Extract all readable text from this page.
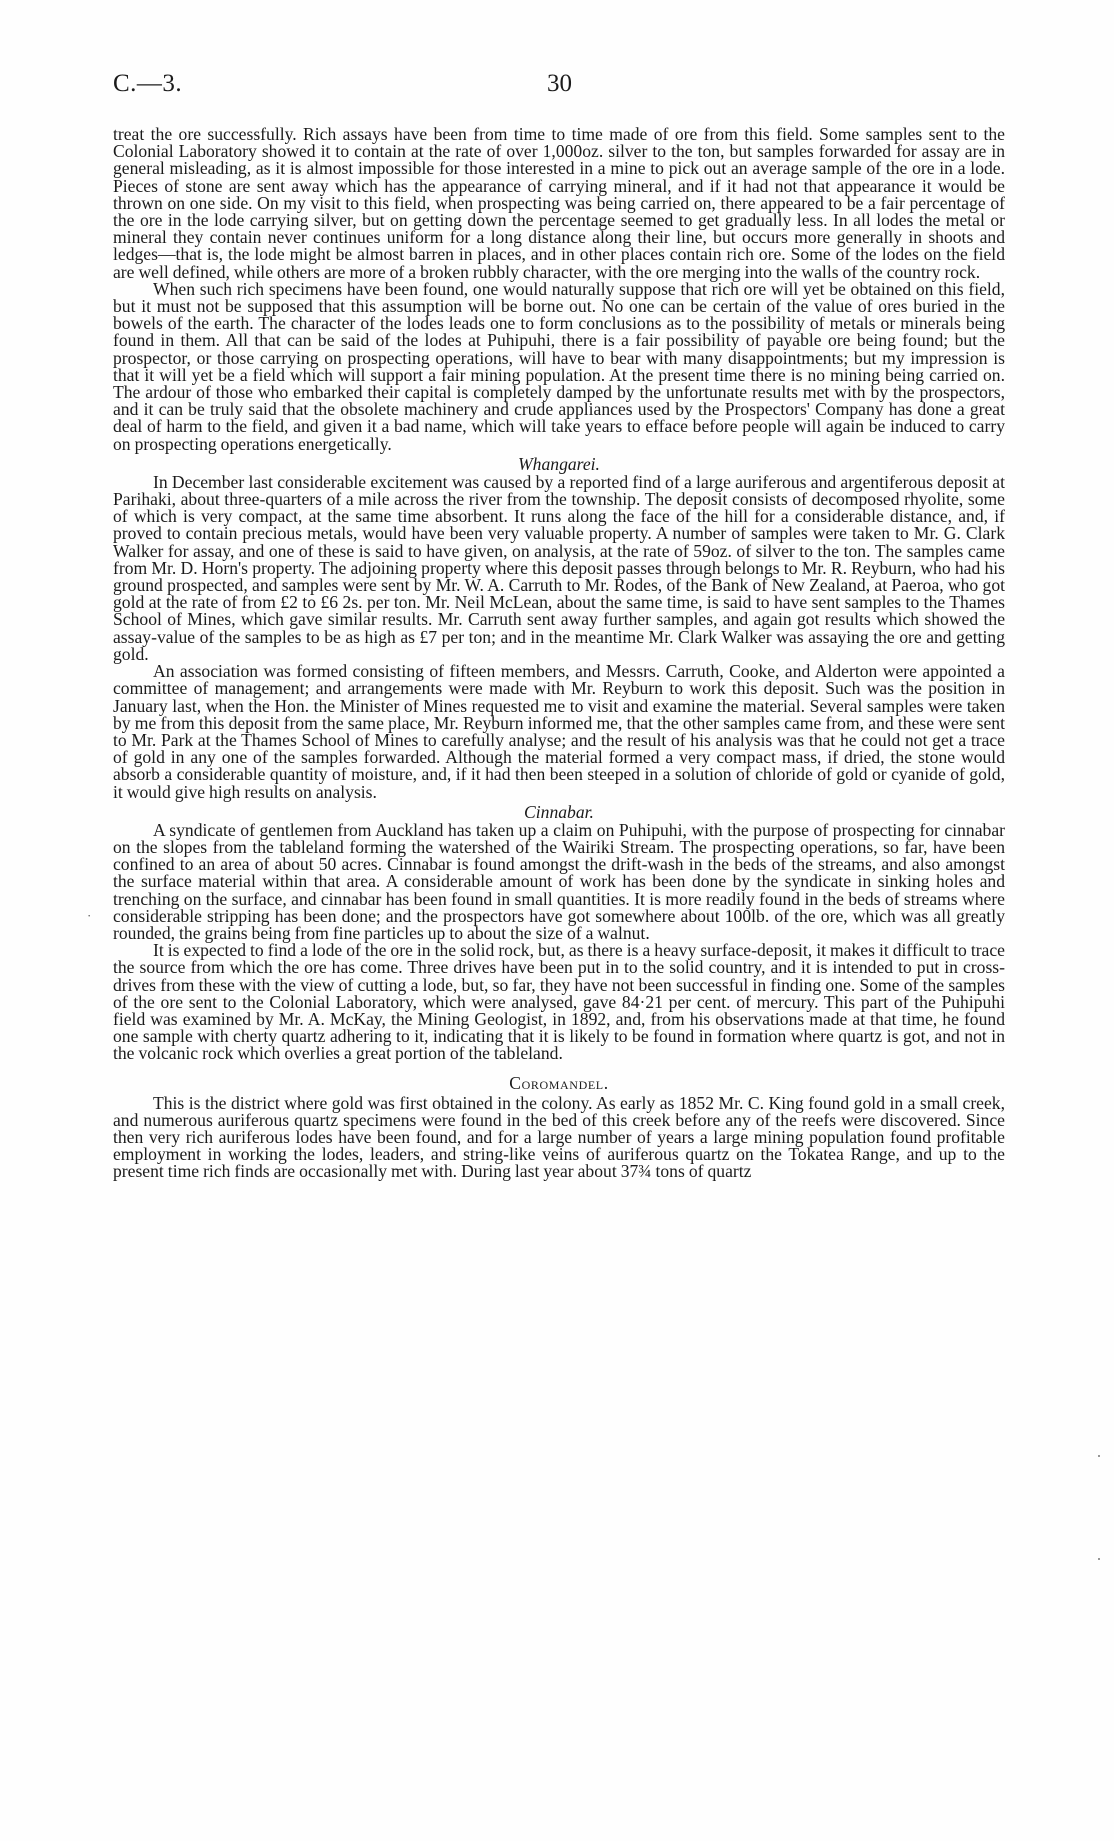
C.—3.	30

treat the ore successfully. Rich assays have been from time to time made of ore from this field. Some samples sent to the Colonial Laboratory showed it to contain at the rate of over 1,000oz. silver to the ton, but samples forwarded for assay are in general misleading, as it is almost impossible for those interested in a mine to pick out an average sample of the ore in a lode. Pieces of stone are sent away which has the appearance of carrying mineral, and if it had not that appearance it would be thrown on one side. On my visit to this field, when prospecting was being carried on, there appeared to be a fair percentage of the ore in the lode carrying silver, but on getting down the percentage seemed to get gradually less. In all lodes the metal or mineral they contain never continues uniform for a long distance along their line, but occurs more generally in shoots and ledges—that is, the lode might be almost barren in places, and in other places contain rich ore. Some of the lodes on the field are well defined, while others are more of a broken rubbly character, with the ore merging into the walls of the country rock.

When such rich specimens have been found, one would naturally suppose that rich ore will yet be obtained on this field, but it must not be supposed that this assumption will be borne out. No one can be certain of the value of ores buried in the bowels of the earth. The character of the lodes leads one to form conclusions as to the possibility of metals or minerals being found in them. All that can be said of the lodes at Puhipuhi, there is a fair possibility of payable ore being found; but the prospector, or those carrying on prospecting operations, will have to bear with many disappointments; but my impression is that it will yet be a field which will support a fair mining population. At the present time there is no mining being carried on. The ardour of those who embarked their capital is completely damped by the unfortunate results met with by the prospectors, and it can be truly said that the obsolete machinery and crude appliances used by the Prospectors' Company has done a great deal of harm to the field, and given it a bad name, which will take years to efface before people will again be induced to carry on prospecting operations energetically.

Whangarei.

In December last considerable excitement was caused by a reported find of a large auriferous and argentiferous deposit at Parihaki, about three-quarters of a mile across the river from the township. The deposit consists of decomposed rhyolite, some of which is very compact, at the same time absorbent. It runs along the face of the hill for a considerable distance, and, if proved to contain precious metals, would have been very valuable property. A number of samples were taken to Mr. G. Clark Walker for assay, and one of these is said to have given, on analysis, at the rate of 59oz. of silver to the ton. The samples came from Mr. D. Horn's property. The adjoining property where this deposit passes through belongs to Mr. R. Reyburn, who had his ground prospected, and samples were sent by Mr. W. A. Carruth to Mr. Rodes, of the Bank of New Zealand, at Paeroa, who got gold at the rate of from £2 to £6 2s. per ton. Mr. Neil McLean, about the same time, is said to have sent samples to the Thames School of Mines, which gave similar results. Mr. Carruth sent away further samples, and again got results which showed the assay-value of the samples to be as high as £7 per ton; and in the meantime Mr. Clark Walker was assaying the ore and getting gold.

An association was formed consisting of fifteen members, and Messrs. Carruth, Cooke, and Alderton were appointed a committee of management; and arrangements were made with Mr. Reyburn to work this deposit. Such was the position in January last, when the Hon. the Minister of Mines requested me to visit and examine the material. Several samples were taken by me from this deposit from the same place, Mr. Reyburn informed me, that the other samples came from, and these were sent to Mr. Park at the Thames School of Mines to carefully analyse; and the result of his analysis was that he could not get a trace of gold in any one of the samples forwarded. Although the material formed a very compact mass, if dried, the stone would absorb a considerable quantity of moisture, and, if it had then been steeped in a solution of chloride of gold or cyanide of gold, it would give high results on analysis.

Cinnabar.

A syndicate of gentlemen from Auckland has taken up a claim on Puhipuhi, with the purpose of prospecting for cinnabar on the slopes from the tableland forming the watershed of the Wairiki Stream. The prospecting operations, so far, have been confined to an area of about 50 acres. Cinnabar is found amongst the drift-wash in the beds of the streams, and also amongst the surface material within that area. A considerable amount of work has been done by the syndicate in sinking holes and trenching on the surface, and cinnabar has been found in small quantities. It is more readily found in the beds of streams where considerable stripping has been done; and the prospectors have got somewhere about 100lb. of the ore, which was all greatly rounded, the grains being from fine particles up to about the size of a walnut.

It is expected to find a lode of the ore in the solid rock, but, as there is a heavy surface-deposit, it makes it difficult to trace the source from which the ore has come. Three drives have been put in to the solid country, and it is intended to put in cross-drives from these with the view of cutting a lode, but, so far, they have not been successful in finding one. Some of the samples of the ore sent to the Colonial Laboratory, which were analysed, gave 84·21 per cent. of mercury. This part of the Puhipuhi field was examined by Mr. A. McKay, the Mining Geologist, in 1892, and, from his observations made at that time, he found one sample with cherty quartz adhering to it, indicating that it is likely to be found in formation where quartz is got, and not in the volcanic rock which overlies a great portion of the tableland.

Coromandel.

This is the district where gold was first obtained in the colony. As early as 1852 Mr. C. King found gold in a small creek, and numerous auriferous quartz specimens were found in the bed of this creek before any of the reefs were discovered. Since then very rich auriferous lodes have been found, and for a large number of years a large mining population found profitable employment in working the lodes, leaders, and string-like veins of auriferous quartz on the Tokatea Range, and up to the present time rich finds are occasionally met with. During last year about 37¾ tons of quartz

·
